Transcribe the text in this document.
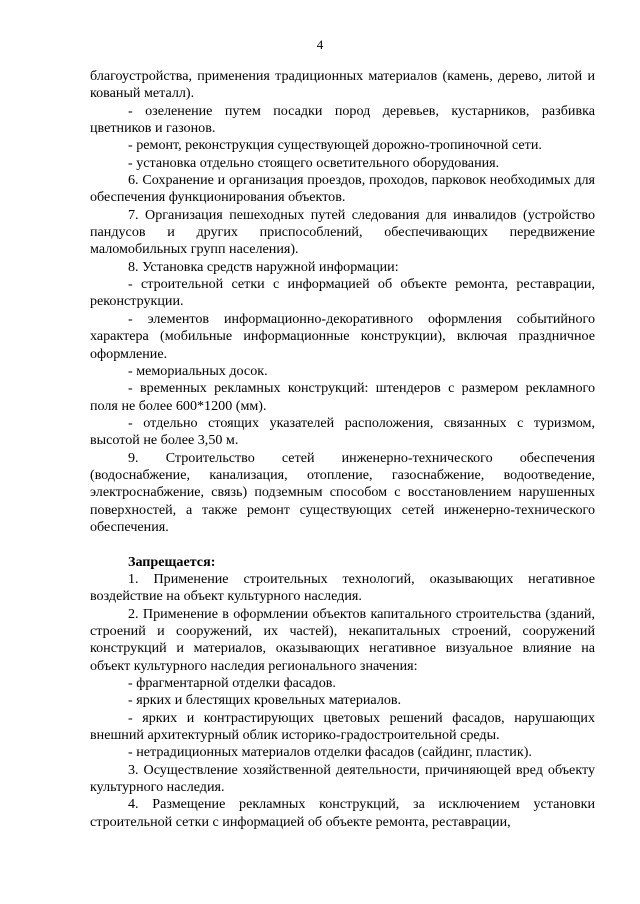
4

благоустройства, применения традиционных материалов (камень, дерево, литой и кованый металл).

- озеленение путем посадки пород деревьев, кустарников, разбивка цветников и газонов.

- ремонт, реконструкция существующей дорожно-тропиночной сети.

- установка отдельно стоящего осветительного оборудования.

6. Сохранение и организация проездов, проходов, парковок необходимых для обеспечения функционирования объектов.

7. Организация пешеходных путей следования для инвалидов (устройство пандусов и других приспособлений, обеспечивающих передвижение маломобильных групп населения).

8. Установка средств наружной информации:

- строительной сетки с информацией об объекте ремонта, реставрации, реконструкции.

- элементов информационно-декоративного оформления событийного характера (мобильные информационные конструкции), включая праздничное оформление.

- мемориальных досок.

- временных рекламных конструкций: штендеров с размером рекламного поля не более 600*1200 (мм).

- отдельно стоящих указателей расположения, связанных с туризмом, высотой не более 3,50 м.

9. Строительство сетей инженерно-технического обеспечения (водоснабжение, канализация, отопление, газоснабжение, водоотведение, электроснабжение, связь) подземным способом с восстановлением нарушенных поверхностей, а также ремонт существующих сетей инженерно-технического обеспечения.

Запрещается:

1. Применение строительных технологий, оказывающих негативное воздействие на объект культурного наследия.

2. Применение в оформлении объектов капитального строительства (зданий, строений и сооружений, их частей), некапитальных строений, сооружений конструкций и материалов, оказывающих негативное визуальное влияние на объект культурного наследия регионального значения:

- фрагментарной отделки фасадов.

- ярких и блестящих кровельных материалов.

- ярких и контрастирующих цветовых решений фасадов, нарушающих внешний архитектурный облик историко-градостроительной среды.

- нетрадиционных материалов отделки фасадов (сайдинг, пластик).

3. Осуществление хозяйственной деятельности, причиняющей вред объекту культурного наследия.

4. Размещение рекламных конструкций, за исключением установки строительной сетки с информацией об объекте ремонта, реставрации,
